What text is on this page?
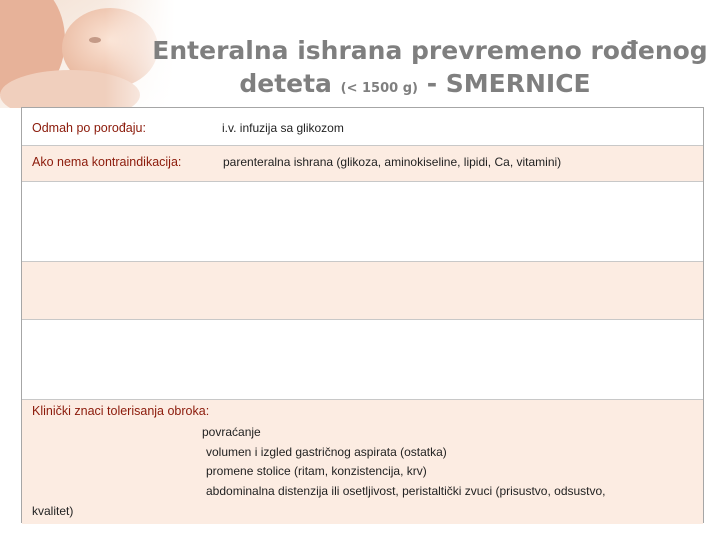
Enteralna ishrana prevremeno rođenog
deteta (< 1500 g) - SMERNICE
Odmah po porođaju:	i.v. infuzija sa glikozom
Ako nema kontraindikacija:	parenteralna ishrana (glikoza, aminokiseline, lipidi, Ca, vitamini)
Klinički znaci tolerisanja obroka:
povraćanje
volumen i izgled gastričnog aspirata (ostatka)
promene stolice (ritam, konzistencija, krv)
abdominalna distenzija ili osetljivost, peristaltički zvuci (prisustvo, odsustvo,
kvalitet)
